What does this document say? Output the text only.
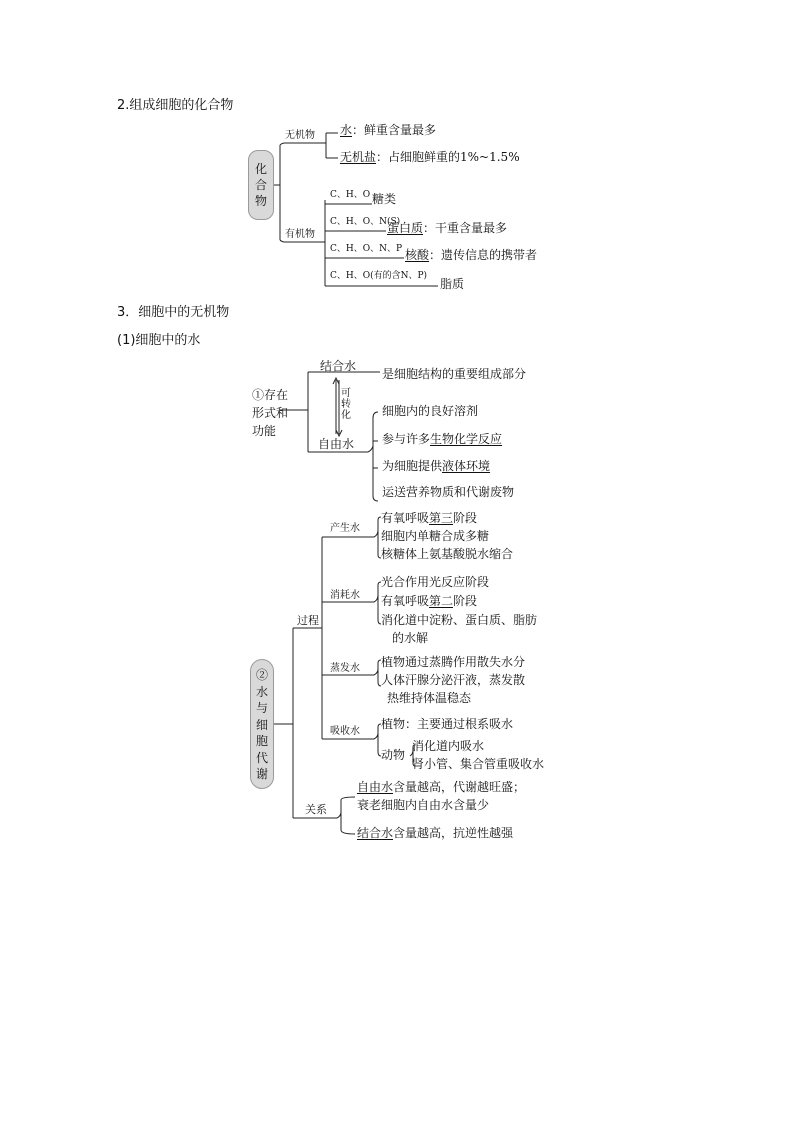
2.组成细胞的化合物
化合物
无机物 水：鲜重含量最多
无机盐：占细胞鲜重的1%~1.5%
有机物
C、H、O 糖类
C、H、O、N(S)
蛋白质：干重含量最多
C、H、O、N、P 核酸：遗传信息的携带者
C、H、O(有的含N、P)
脂质
3．细胞中的无机物
(1)细胞中的水
①存在
形式和
功能
结合水
是细胞结构的重要组成部分
可
转
化
自由水
细胞内的良好溶剂
参与许多生物化学反应
为细胞提供液体环境
运送营养物质和代谢废物
②水与细胞代谢
过程
关系
产生水
有氧呼吸第三阶段
细胞内单糖合成多糖
核糖体上氨基酸脱水缩合
消耗水
光合作用光反应阶段
有氧呼吸第二阶段
消化道中淀粉、蛋白质、脂肪
的水解
蒸发水 植物通过蒸腾作用散失水分
人体汗腺分泌汗液，蒸发散
热维持体温稳态
吸收水
植物：主要通过根系吸水
动物
消化道内吸水
肾小管、集合管重吸收水
自由水含量越高，代谢越旺盛；
衰老细胞内自由水含量少
结合水含量越高，抗逆性越强
